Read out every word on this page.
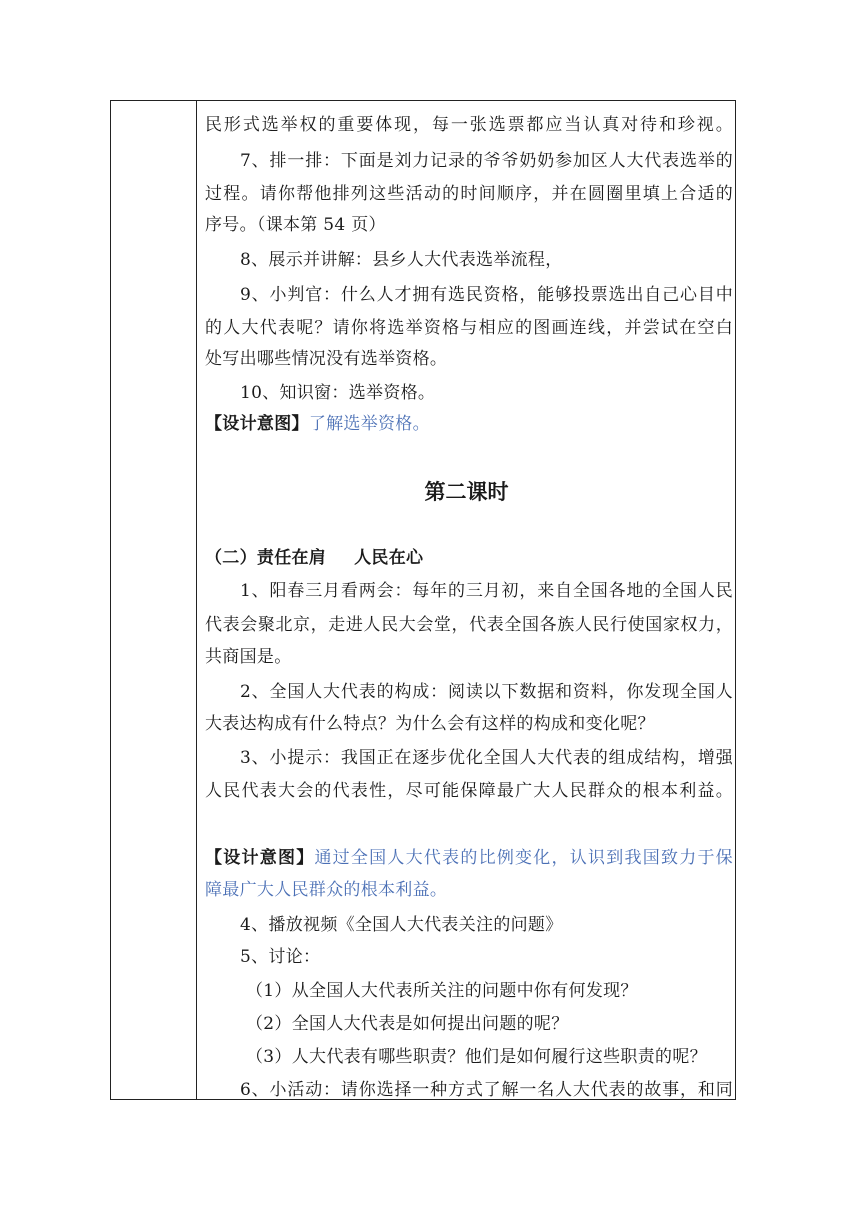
民形式选举权的重要体现，每一张选票都应当认真对待和珍视。
7、排一排：下面是刘力记录的爷爷奶奶参加区人大代表选举的
过程。请你帮他排列这些活动的时间顺序，并在圆圈里填上合适的
序号。（课本第 54 页）
8、展示并讲解：县乡人大代表选举流程，
9、小判官：什么人才拥有选民资格，能够投票选出自己心目中
的人大代表呢？请你将选举资格与相应的图画连线，并尝试在空白
处写出哪些情况没有选举资格。
10、知识窗：选举资格。
【设计意图】了解选举资格。
第二课时
（二）责任在肩 人民在心
1、阳春三月看两会：每年的三月初，来自全国各地的全国人民
代表会聚北京，走进人民大会堂，代表全国各族人民行使国家权力，
共商国是。
2、全国人大代表的构成：阅读以下数据和资料，你发现全国人
大表达构成有什么特点？为什么会有这样的构成和变化呢？
3、小提示：我国正在逐步优化全国人大代表的组成结构，增强
人民代表大会的代表性，尽可能保障最广大人民群众的根本利益。
【设计意图】通过全国人大代表的比例变化，认识到我国致力于保
障最广大人民群众的根本利益。
4、播放视频《全国人大代表关注的问题》
5、讨论：
（1）从全国人大代表所关注的问题中你有何发现？
（2）全国人大代表是如何提出问题的呢？
（3）人大代表有哪些职责？他们是如何履行这些职责的呢？
6、小活动：请你选择一种方式了解一名人大代表的故事，和同
